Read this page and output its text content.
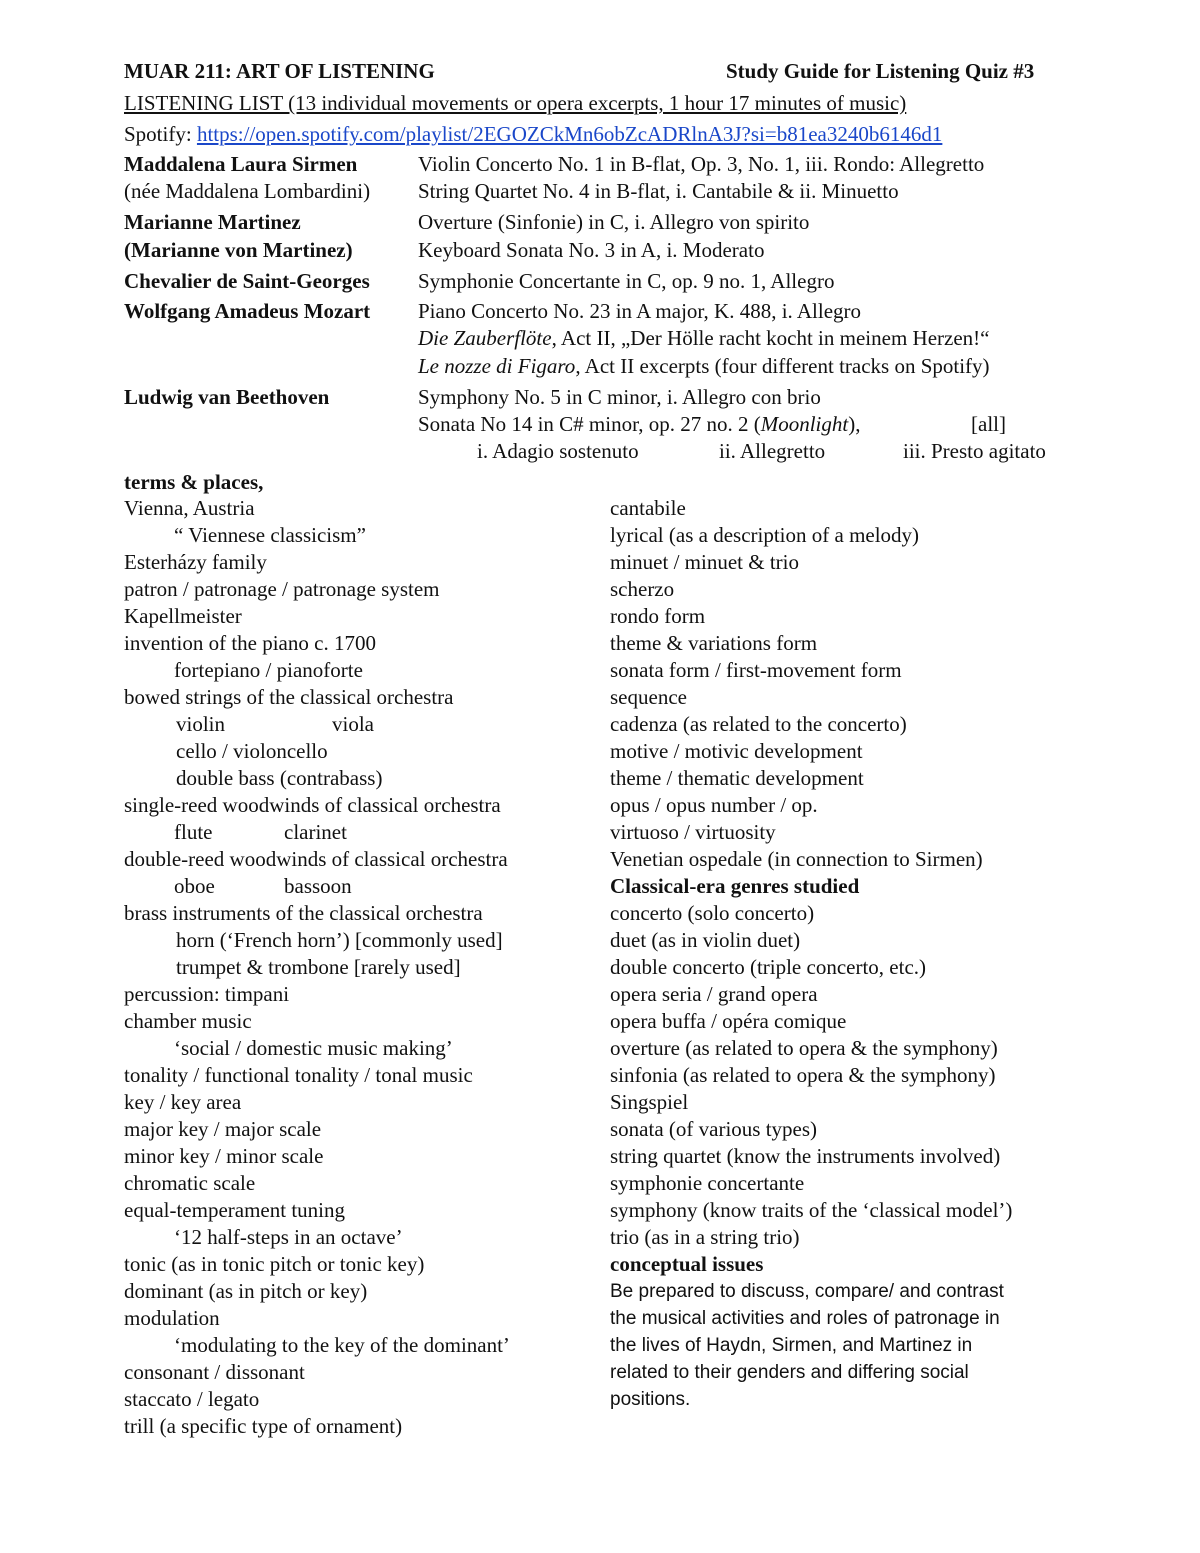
MUAR 211: ART OF LISTENING	Study Guide for Listening Quiz #3
LISTENING LIST (13 individual movements or opera excerpts, 1 hour 17 minutes of music)
Spotify: https://open.spotify.com/playlist/2EGOZCkMn6obZcADRlnA3J?si=b81ea3240b6146d1
Maddalena Laura Sirmen	Violin Concerto No. 1 in B-flat, Op. 3, No. 1, iii. Rondo: Allegretto
(née Maddalena Lombardini) String Quartet No. 4 in B-flat, i. Cantabile & ii. Minuetto
Marianne Martinez	Overture (Sinfonie) in C, i. Allegro von spirito
(Marianne von Martinez)	Keyboard Sonata No. 3 in A, i. Moderato
Chevalier de Saint-Georges Symphonie Concertante in C, op. 9 no. 1, Allegro
Wolfgang Amadeus Mozart Piano Concerto No. 23 in A major, K. 488, i. Allegro
Die Zauberflöte, Act II, „Der Hölle racht kocht in meinem Herzen!“
Le nozze di Figaro, Act II excerpts (four different tracks on Spotify)
Ludwig van Beethoven	Symphony No. 5 in C minor, i. Allegro con brio
Sonata No 14 in C# minor, op. 27 no. 2 (Moonlight),	[all]
i. Adagio sostenuto	ii. Allegretto	iii. Presto agitato
terms & places,
Vienna, Austria
“ Viennese classicism”
Esterházy family
patron / patronage / patronage system
Kapellmeister
invention of the piano c. 1700
fortepiano / pianoforte
bowed strings of the classical orchestra
violin	viola
cello / violoncello
double bass (contrabass)
single-reed woodwinds of classical orchestra
flute	clarinet
double-reed woodwinds of classical orchestra
oboe	bassoon
brass instruments of the classical orchestra
horn (‘French horn’) [commonly used]
trumpet & trombone [rarely used]
percussion: timpani
chamber music
‘social / domestic music making’
tonality / functional tonality / tonal music
key / key area
major key / major scale
minor key / minor scale
chromatic scale
equal-temperament tuning
‘12 half-steps in an octave’
tonic (as in tonic pitch or tonic key)
dominant (as in pitch or key)
modulation
‘modulating to the key of the dominant’
consonant / dissonant
staccato / legato
trill (a specific type of ornament)
cantabile
lyrical (as a description of a melody)
minuet / minuet & trio
scherzo
rondo form
theme & variations form
sonata form / first-movement form
sequence
cadenza (as related to the concerto)
motive / motivic development
theme / thematic development
opus / opus number / op.
virtuoso / virtuosity
Venetian ospedale (in connection to Sirmen)
Classical-era genres studied
concerto (solo concerto)
duet (as in violin duet)
double concerto (triple concerto, etc.)
opera seria / grand opera
opera buffa / opéra comique
overture (as related to opera & the symphony)
sinfonia (as related to opera & the symphony)
Singspiel
sonata (of various types)
string quartet (know the instruments involved)
symphonie concertante
symphony (know traits of the ‘classical model’)
trio (as in a string trio)
conceptual issues
Be prepared to discuss, compare/ and contrast
the musical activities and roles of patronage in
the lives of Haydn, Sirmen, and Martinez in
related to their genders and differing social
positions.
